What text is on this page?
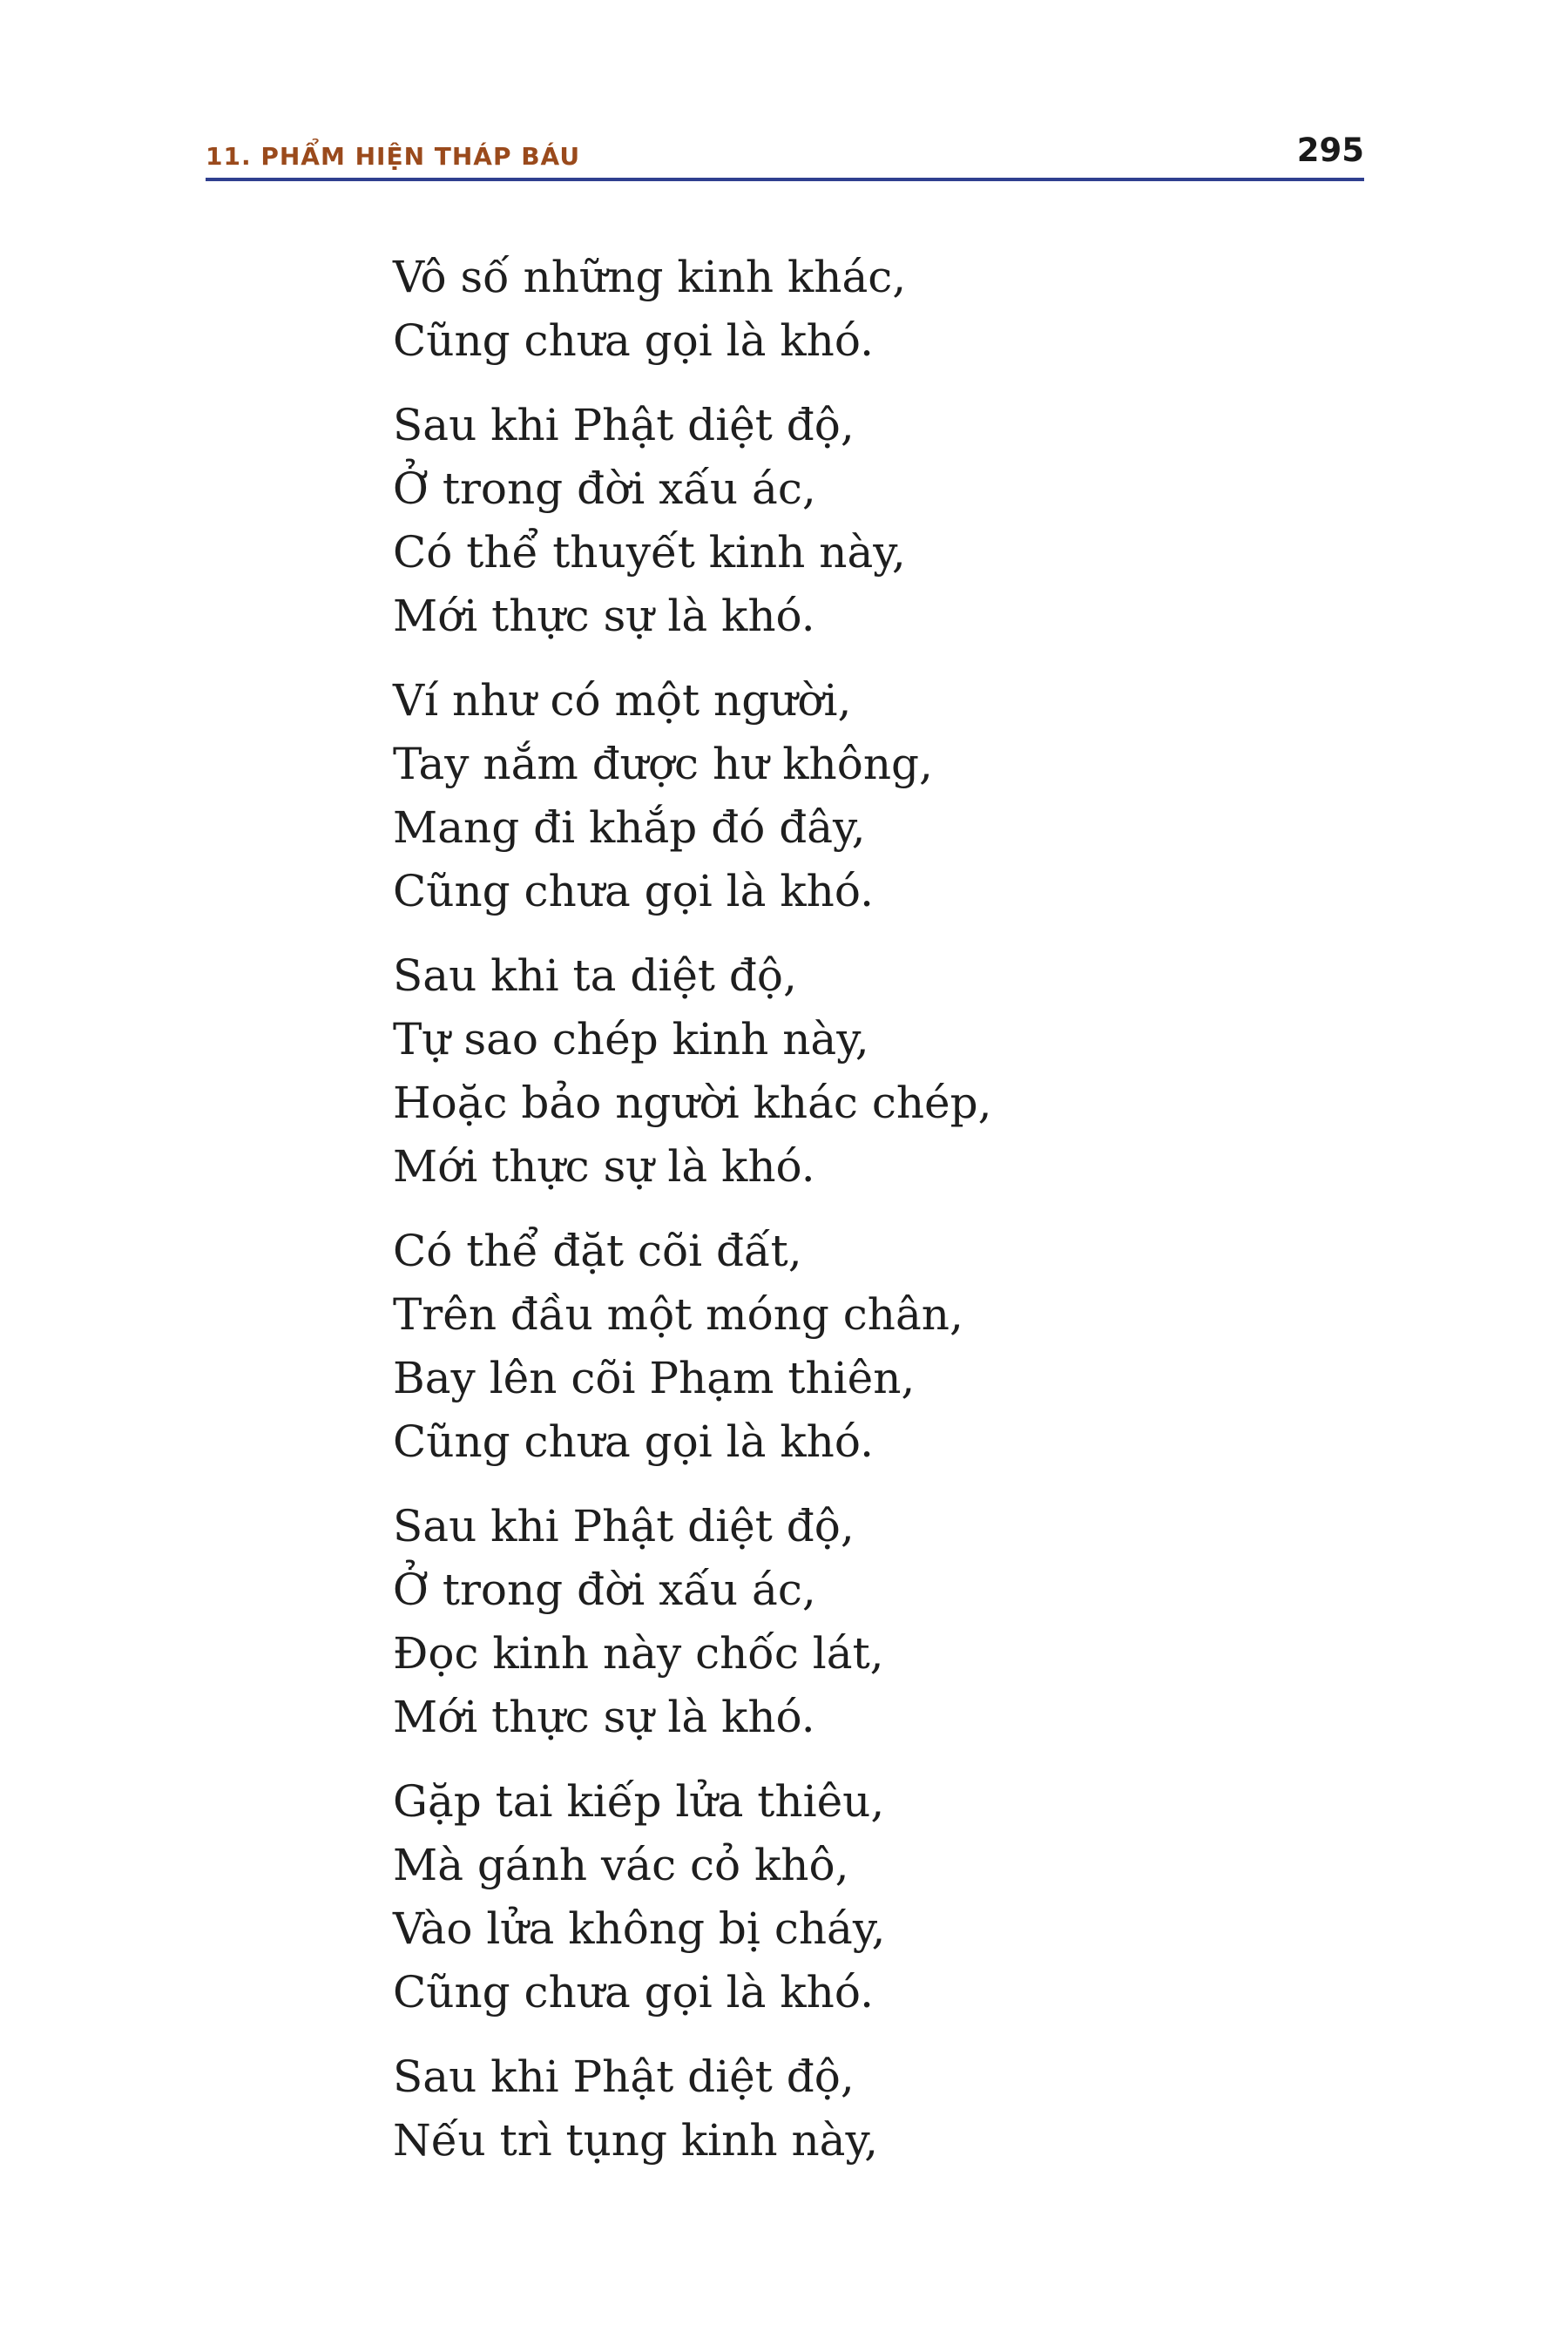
11. PHẨM HIỆN THÁP BÁU	295
Vô số những kinh khác,
Cũng chưa gọi là khó.
Sau khi Phật diệt độ,
Ở trong đời xấu ác,
Có thể thuyết kinh này,
Mới thực sự là khó.
Ví như có một người,
Tay nắm được hư không,
Mang đi khắp đó đây,
Cũng chưa gọi là khó.
Sau khi ta diệt độ,
Tự sao chép kinh này,
Hoặc bảo người khác chép,
Mới thực sự là khó.
Có thể đặt cõi đất,
Trên đầu một móng chân,
Bay lên cõi Phạm thiên,
Cũng chưa gọi là khó.
Sau khi Phật diệt độ,
Ở trong đời xấu ác,
Đọc kinh này chốc lát,
Mới thực sự là khó.
Gặp tai kiếp lửa thiêu,
Mà gánh vác cỏ khô,
Vào lửa không bị cháy,
Cũng chưa gọi là khó.
Sau khi Phật diệt độ,
Nếu trì tụng kinh này,
